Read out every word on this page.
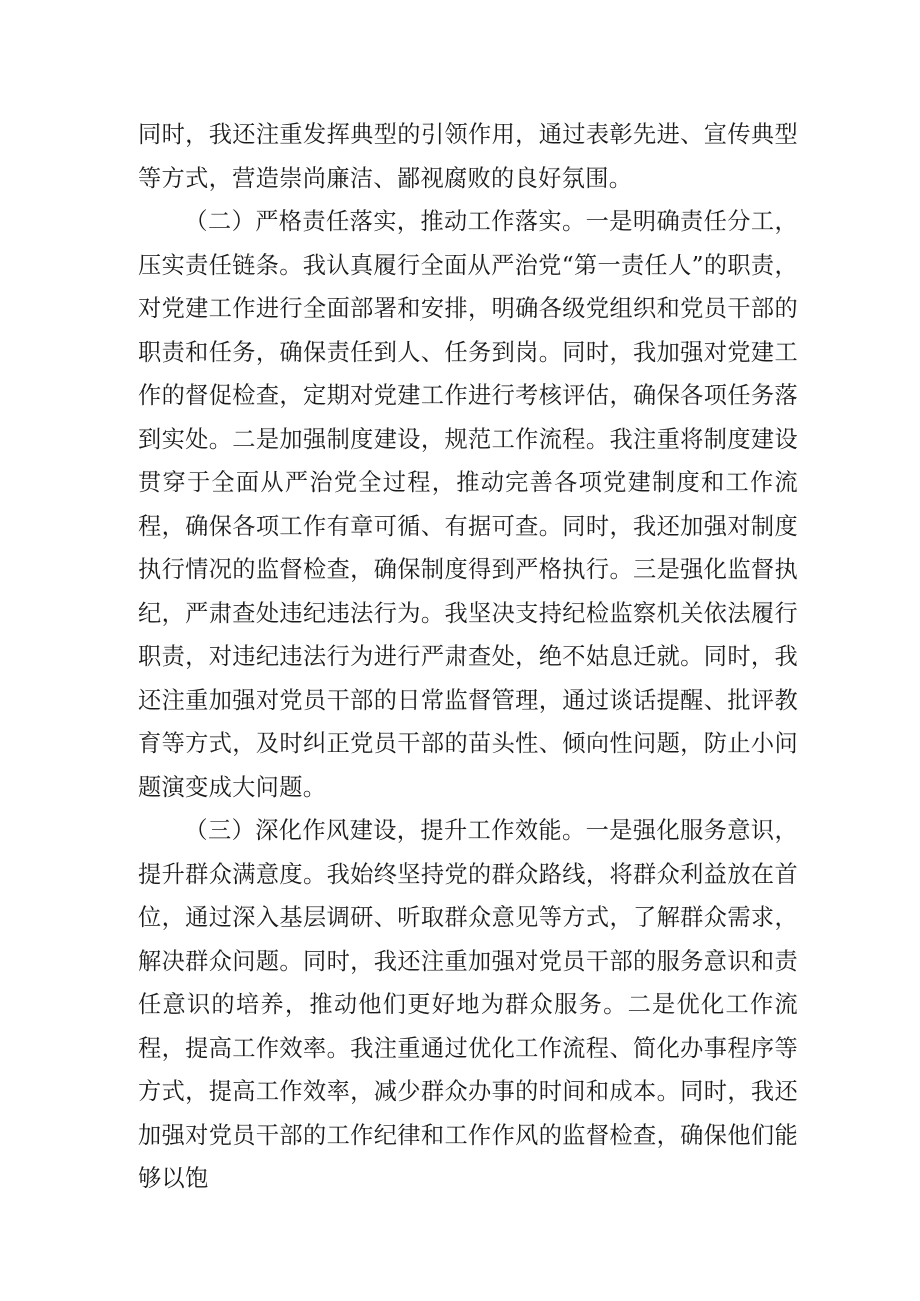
同时，我还注重发挥典型的引领作用，通过表彰先进、宣传典型等方式，营造崇尚廉洁、鄙视腐败的良好氛围。

（二）严格责任落实，推动工作落实。一是明确责任分工，压实责任链条。我认真履行全面从严治党“第一责任人”的职责，对党建工作进行全面部署和安排，明确各级党组织和党员干部的职责和任务，确保责任到人、任务到岗。同时，我加强对党建工作的督促检查，定期对党建工作进行考核评估，确保各项任务落到实处。二是加强制度建设，规范工作流程。我注重将制度建设贯穿于全面从严治党全过程，推动完善各项党建制度和工作流程，确保各项工作有章可循、有据可查。同时，我还加强对制度执行情况的监督检查，确保制度得到严格执行。三是强化监督执纪，严肃查处违纪违法行为。我坚决支持纪检监察机关依法履行职责，对违纪违法行为进行严肃查处，绝不姑息迁就。同时，我还注重加强对党员干部的日常监督管理，通过谈话提醒、批评教育等方式，及时纠正党员干部的苗头性、倾向性问题，防止小问题演变成大问题。

（三）深化作风建设，提升工作效能。一是强化服务意识，提升群众满意度。我始终坚持党的群众路线，将群众利益放在首位，通过深入基层调研、听取群众意见等方式，了解群众需求，解决群众问题。同时，我还注重加强对党员干部的服务意识和责任意识的培养，推动他们更好地为群众服务。二是优化工作流程，提高工作效率。我注重通过优化工作流程、简化办事程序等方式，提高工作效率，减少群众办事的时间和成本。同时，我还加强对党员干部的工作纪律和工作作风的监督检查，确保他们能够以饱
